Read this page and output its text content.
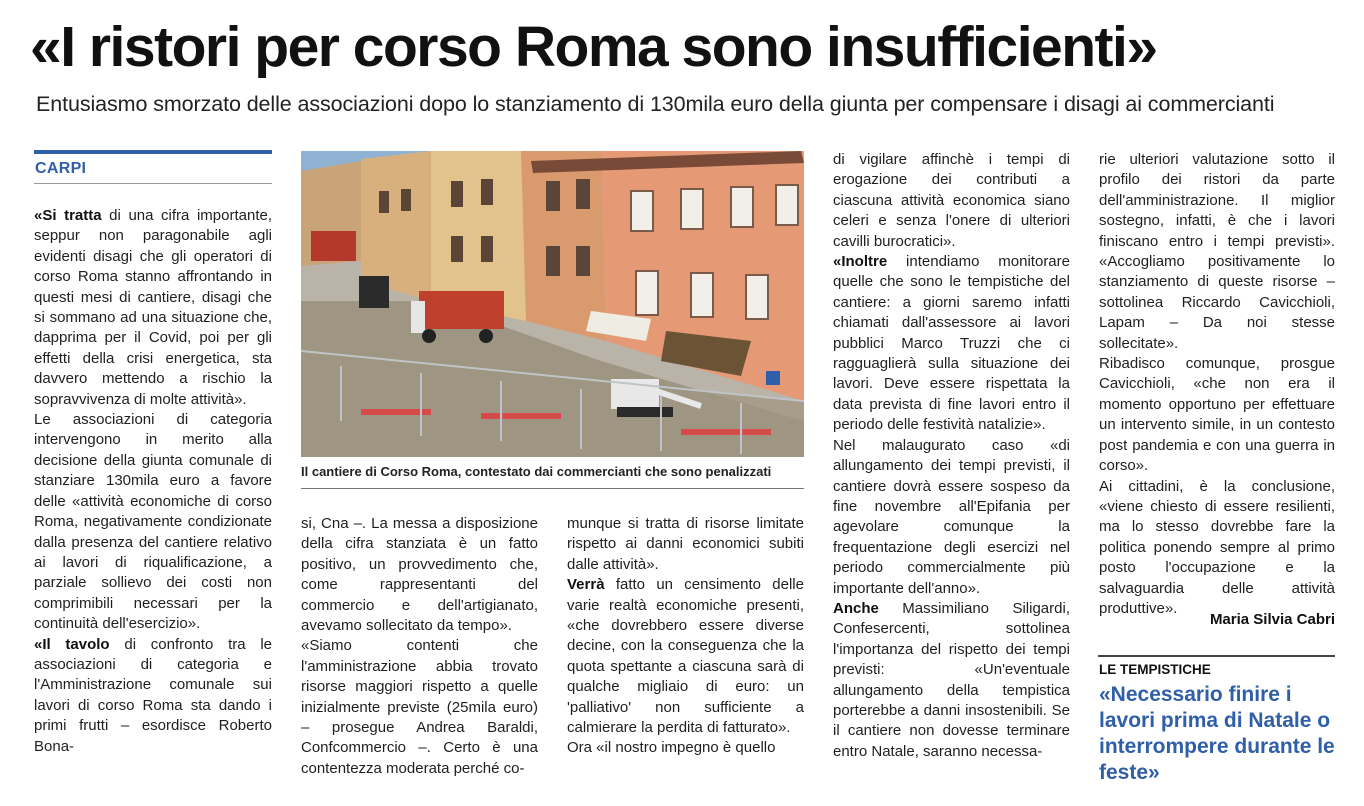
«I ristori per corso Roma sono insufficienti»
Entusiasmo smorzato delle associazioni dopo lo stanziamento di 130mila euro della giunta per compensare i disagi ai commercianti
CARPI

«Si tratta di una cifra importante, seppur non paragonabile agli evidenti disagi che gli operatori di corso Roma stanno affrontando in questi mesi di cantiere, disagi che si sommano ad una situazione che, dapprima per il Covid, poi per gli effetti della crisi energetica, sta davvero mettendo a rischio la sopravvivenza di molte attività».

Le associazioni di categoria intervengono in merito alla decisione della giunta comunale di stanziare 130mila euro a favore delle «attività economiche di corso Roma, negativamente condizionate dalla presenza del cantiere relativo ai lavori di riqualificazione, a parziale sollievo dei costi non comprimibili necessari per la continuità dell'esercizio».

«Il tavolo di confronto tra le associazioni di categoria e l'Amministrazione comunale sui lavori di corso Roma sta dando i primi frutti – esordisce Roberto Bona-

Il cantiere di Corso Roma, contestato dai commercianti che sono penalizzati

si, Cna –. La messa a disposizione della cifra stanziata è un fatto positivo, un provvedimento che, come rappresentanti del commercio e dell'artigianato, avevamo sollecitato da tempo».

«Siamo contenti che l'amministrazione abbia trovato risorse maggiori rispetto a quelle inizialmente previste (25mila euro) – prosegue Andrea Baraldi, Confcommercio –. Certo è una contentezza moderata perché co-

munque si tratta di risorse limitate rispetto ai danni economici subiti dalle attività».

Verrà fatto un censimento delle varie realtà economiche presenti, «che dovrebbero essere diverse decine, con la conseguenza che la quota spettante a ciascuna sarà di qualche migliaio di euro: un 'palliativo' non sufficiente a calmierare la perdita di fatturato».

Ora «il nostro impegno è quello

di vigilare affinchè i tempi di erogazione dei contributi a ciascuna attività economica siano celeri e senza l'onere di ulteriori cavilli burocratici».

«Inoltre intendiamo monitorare quelle che sono le tempistiche del cantiere: a giorni saremo infatti chiamati dall'assessore ai lavori pubblici Marco Truzzi che ci ragguaglierà sulla situazione dei lavori. Deve essere rispettata la data prevista di fine lavori entro il periodo delle festività natalizie».

Nel malaugurato caso «di allungamento dei tempi previsti, il cantiere dovrà essere sospeso da fine novembre all'Epifania per agevolare comunque la frequentazione degli esercizi nel periodo commercialmente più importante dell'anno».

Anche Massimiliano Siligardi, Confesercenti, sottolinea l'importanza del rispetto dei tempi previsti: «Un'eventuale allungamento della tempistica porterebbe a danni insostenibili. Se il cantiere non dovesse terminare entro Natale, saranno necessa-

rie ulteriori valutazione sotto il profilo dei ristori da parte dell'amministrazione. Il miglior sostegno, infatti, è che i lavori finiscano entro i tempi previsti». «Accogliamo positivamente lo stanziamento di queste risorse – sottolinea Riccardo Cavicchioli, Lapam – Da noi stesse sollecitate».

Ribadisco comunque, prosgue Cavicchioli, «che non era il momento opportuno per effettuare un intervento simile, in un contesto post pandemia e con una guerra in corso».

Ai cittadini, è la conclusione, «viene chiesto di essere resilienti, ma lo stesso dovrebbe fare la politica ponendo sempre al primo posto l'occupazione e la salvaguardia delle attività produttive».

Maria Silvia Cabri
LE TEMPISTICHE
«Necessario finire i lavori prima di Natale o interrompere durante le feste»
